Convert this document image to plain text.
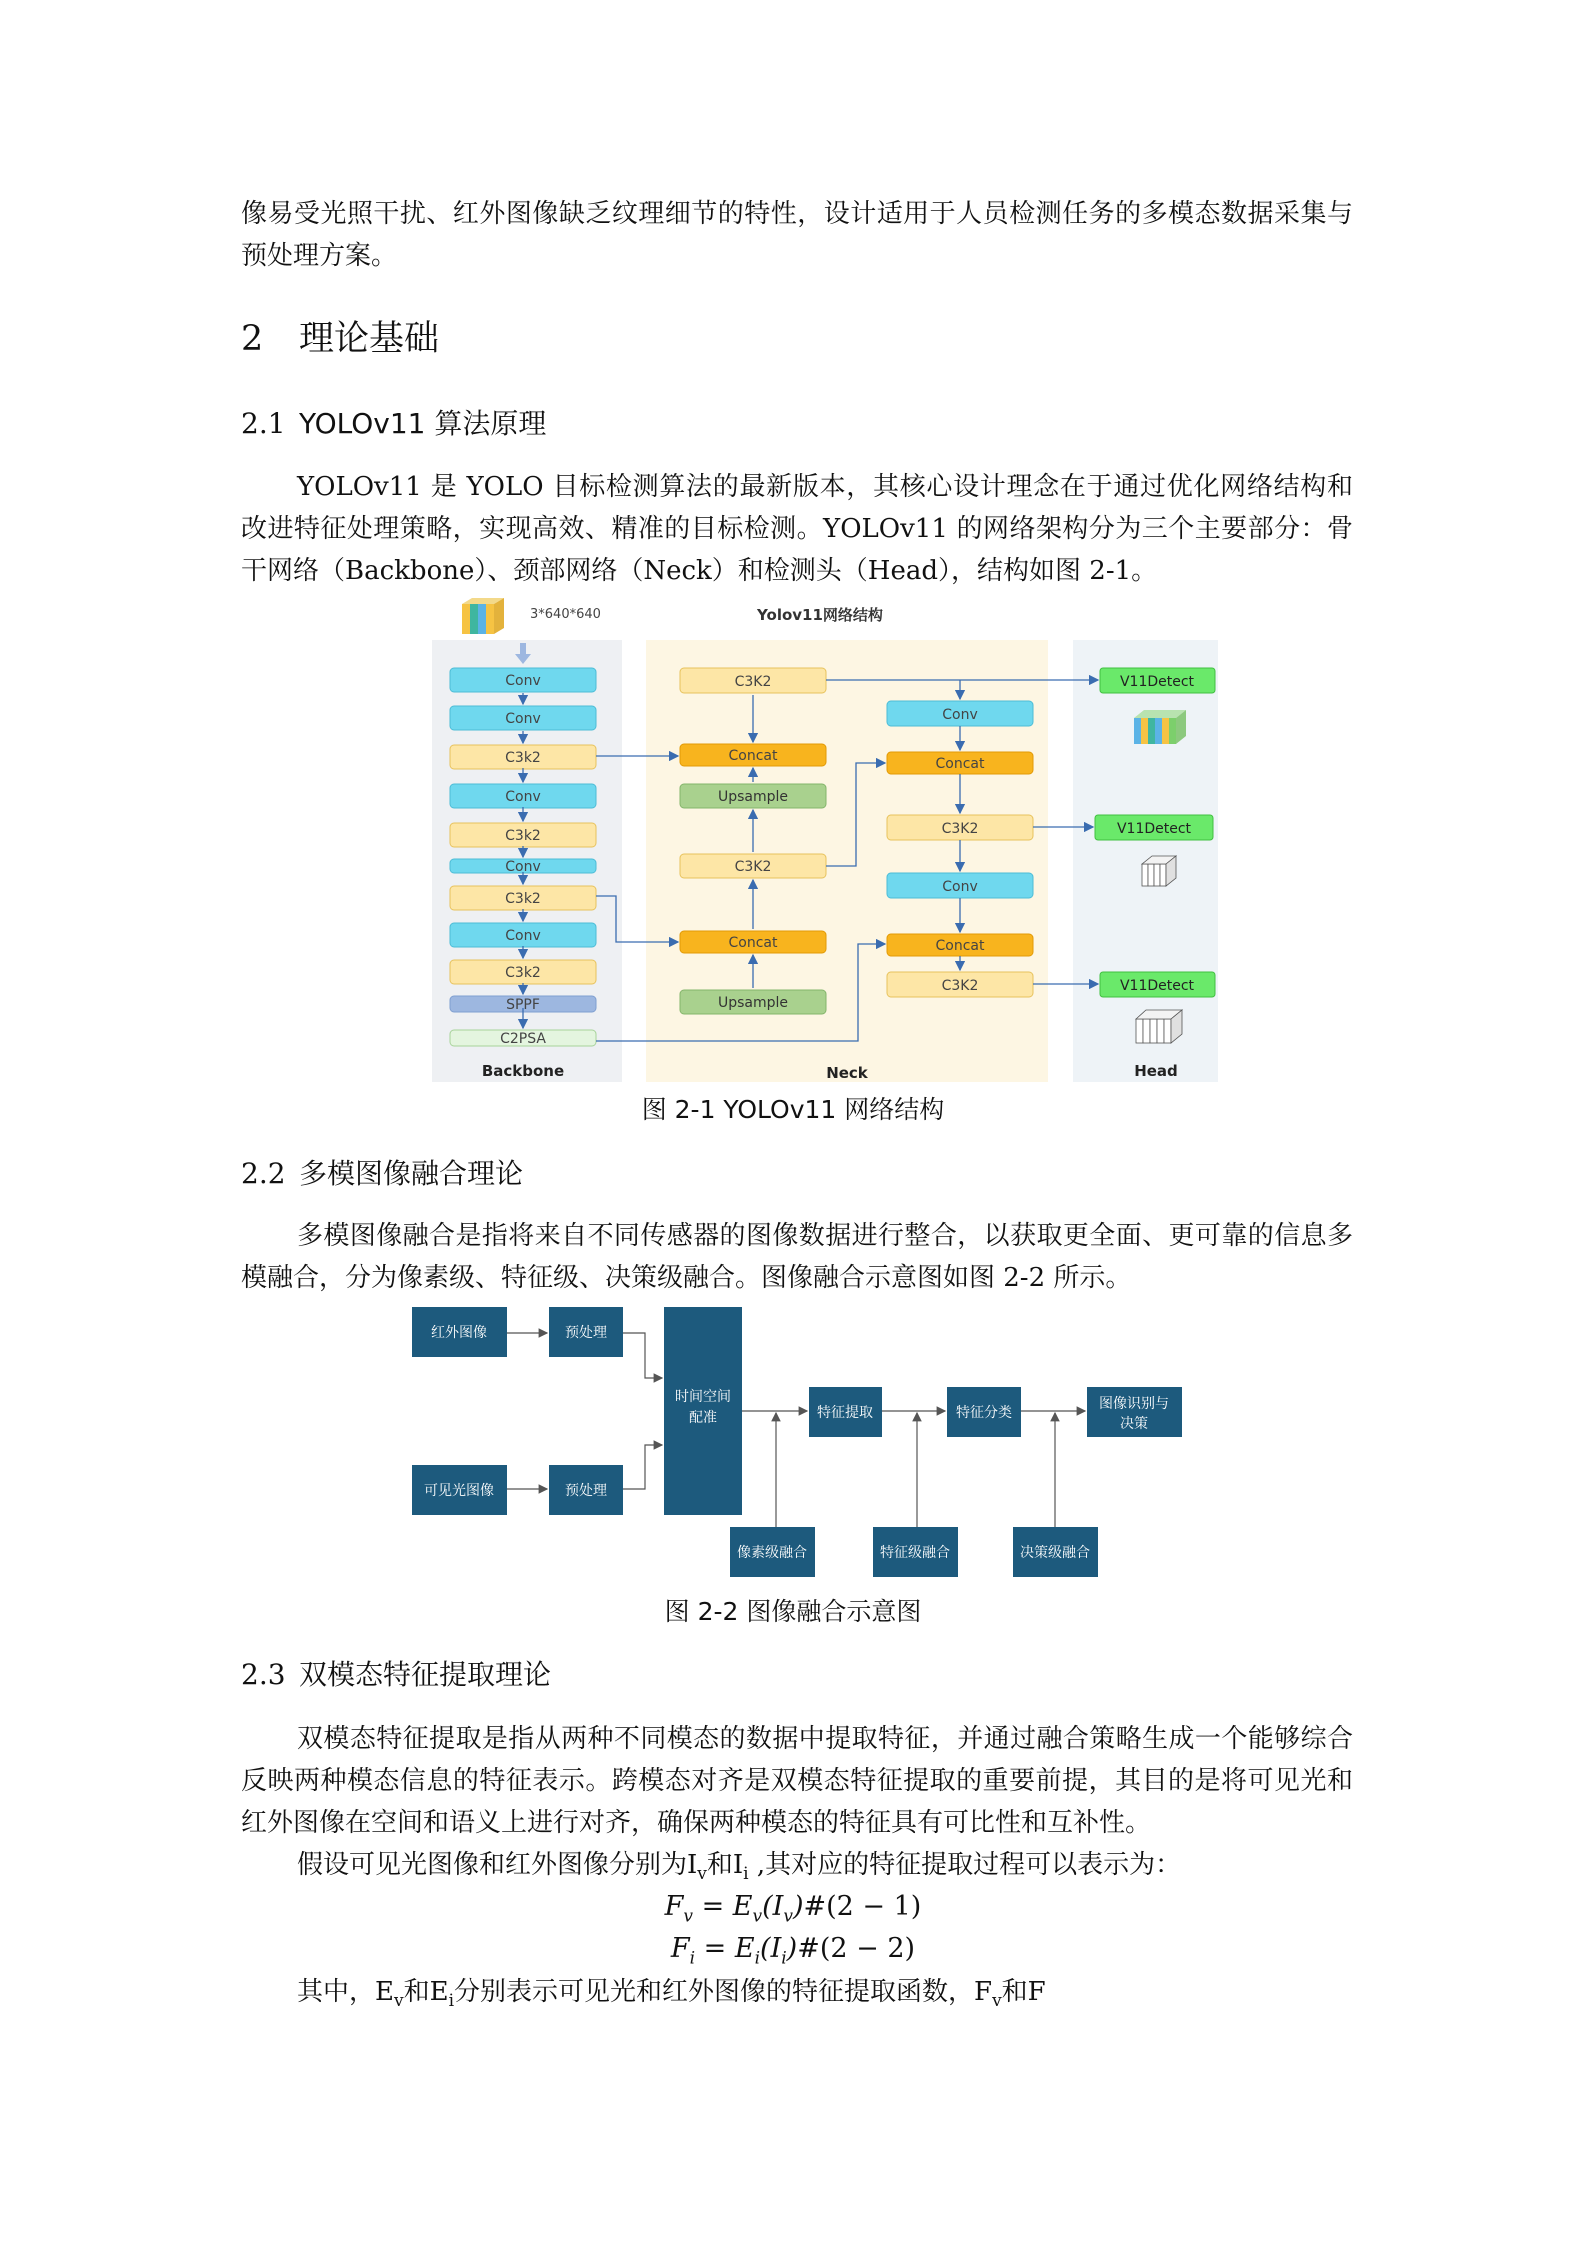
像易受光照干扰、红外图像缺乏纹理细节的特性，设计适用于人员检测任务的多模态数据采集与预处理方案。

2 理论基础
2.1 YOLOv11 算法原理

YOLOv11 是 YOLO 目标检测算法的最新版本，其核心设计理念在于通过优化网络结构和改进特征处理策略，实现高效、精准的目标检测。YOLOv11 的网络架构分为三个主要部分：骨干网络（Backbone）、颈部网络（Neck）和检测头（Head），结构如图 2-1。

3*640*640	Yolov11网络结构
Conv
Conv
C3k2
Conv
C3k2
Conv
C3k2
Conv
C3k2
SPPF
C2PSA
Backbone	Neck	Head
C3K2
Concat
Upsample
C3K2
Concat
Upsample
Conv
Concat
C3K2
Conv
Concat
C3K2
V11Detect
V11Detect
V11Detect

图 2-1 YOLOv11 网络结构

2.2 多模图像融合理论

多模图像融合是指将来自不同传感器的图像数据进行整合，以获取更全面、更可靠的信息多模融合，分为像素级、特征级、决策级融合。图像融合示意图如图 2-2 所示。

红外图像	预处理
可见光图像	预处理
时间空间
配准	特征提取	特征分类
图像识别与
决策
像素级融合	特征级融合	决策级融合

图 2-2 图像融合示意图

2.3 双模态特征提取理论

双模态特征提取是指从两种不同模态的数据中提取特征，并通过融合策略生成一个能够综合反映两种模态信息的特征表示。跨模态对齐是双模态特征提取的重要前提，其目的是将可见光和红外图像在空间和语义上进行对齐，确保两种模态的特征具有可比性和互补性。

假设可见光图像和红外图像分别为$I_v$和$I_i$ ,其对应的特征提取过程可以表示为：

$F_v$ = $E_v(I_v)\#(2 - 1)$

$F_i$ = $E_i(I_i)\#(2 - 2)$

其中，$E_v$和$E_i$分别表示可见光和红外图像的特征提取函数，$F_v$和F
